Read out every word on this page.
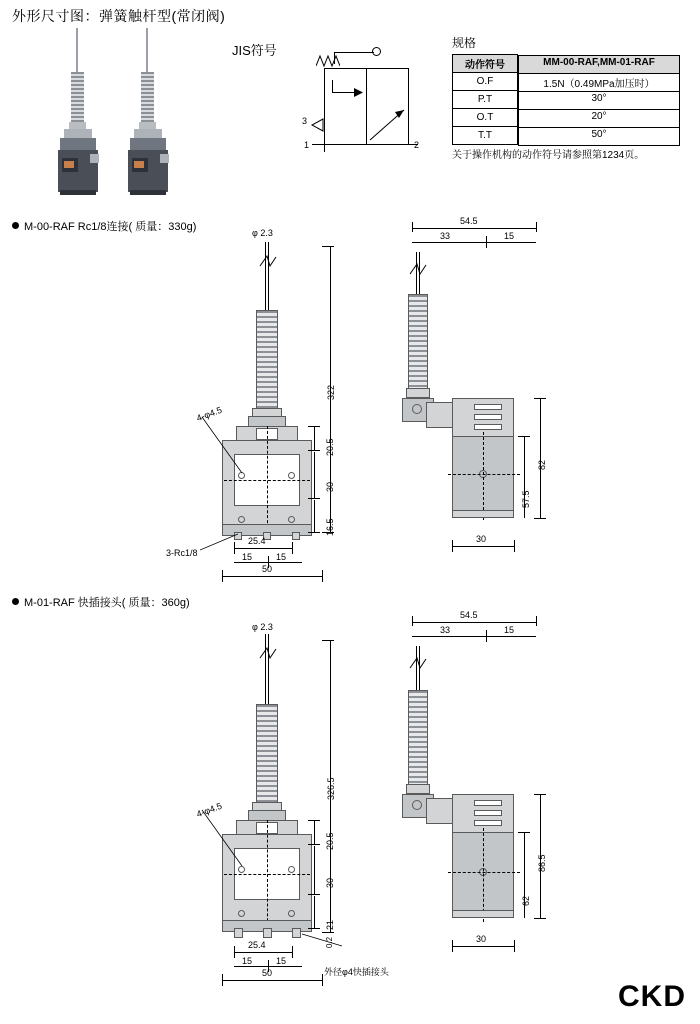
外形尺寸图：弹簧触杆型(常闭阀)
JIS符号
3
1	2
规格
动作符号		MM-00-RAF,MM-01-RAF

O.F		1.5N（0.49MPa加压时）

P.T		30°

O.T		20°

T.T		50°
关于操作机构的动作符号请参照第1234页。
M-00-RAF Rc1/8连接( 质量：330g)	φ 2.3
4-φ4.5
3-Rc1/8
322
20.5
30
16.5
25.4
15	15
50
54.5
33	15
82
57.5
30
M-01-RAF 快插接头( 质量：360g)
φ 2.3
4-φ4.5
外径φ4快插接头
326.5
20.5
30
21
0.2
25.4
15	15
50
54.5
33	15
86.5
62
30
CKD
